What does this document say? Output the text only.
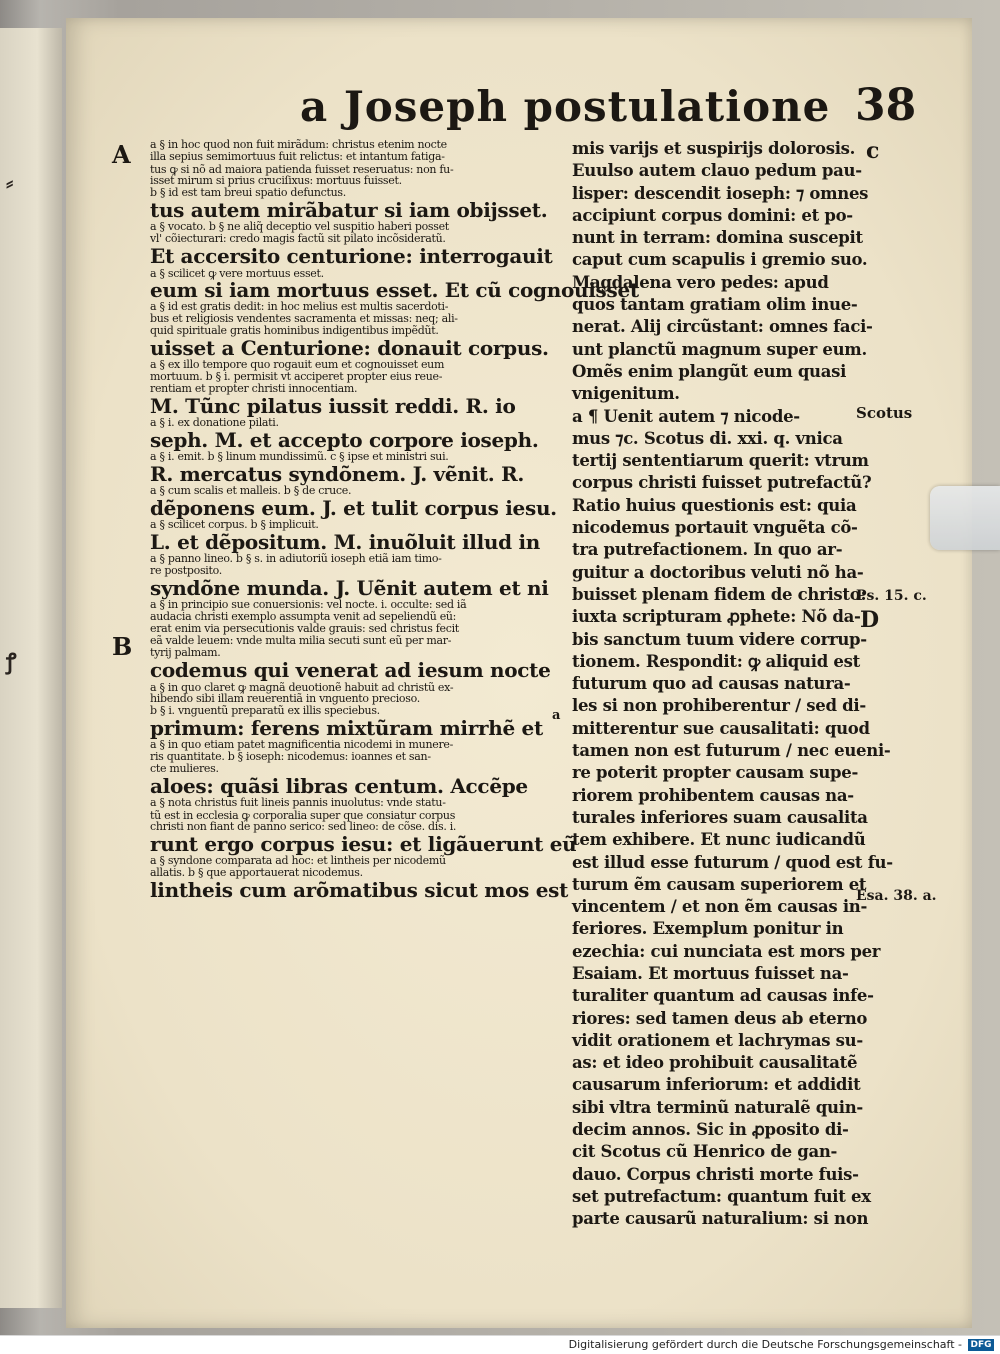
⸗
ꝭ
a Joseph postulatione 38
A
B

a § in hoc quod non fuit mirãdum: christus etenim nocte

illa sepius semimortuus fuit relictus: et intantum fatiga-

tus ꝙ si nõ ad maiora patienda fuisset reseruatus: non fu-

isset mirum si prius cruciſixus: mortuus fuisset.

b § id est tam breui spatio defunctus.

tus autem mirãbatur si iam obijsset.

a § vocato. b § ne aliq̃ deceptio vel suspitio haberi posset

vl' cõiecturari: credo magis factũ sit pilato incõsideratũ.

Et accersito centurione: interrogauit

a § scilicet ꝙ vere mortuus esset.

eum si iam mortuus esset. Et cũ cognouisset

a § id est gratis dedit: in hoc melius est multis sacerdoti-

bus et religiosis vendentes sacramenta et missas: neq; ali-

quid spirituale gratis hominibus indigentibus impẽdũt.

uisset a Centurione: donauit corpus.

a § ex illo tempore quo rogauit eum et cognouisset eum

mortuum. b § i. permisit vt acciperet propter eius reue-

rentiam et propter christi innocentiam.

M. Tũnc pilatus iussit reddi. R. io

a § i. ex donatione pilati.

seph. M. et accepto corpore ioseph.

a § i. emit. b § linum mundissimũ. c § ipse et ministri sui.

R. mercatus syndõnem. J. vẽnit. R.

a § cum scalis et malleis. b § de cruce.

dẽponens eum. J. et tulit corpus iesu.

a § scilicet corpus. b § implicuit.

L. et dẽpositum. M. inuõluit illud in

a § panno lineo. b § s. in adiutoriũ ioseph etiã iam timo-

re postposito.

syndõne munda. J. Uẽnit autem et ni

a § in principio sue conuersionis: vel nocte. i. occulte: sed iã

audacia christi exemplo assumpta venit ad sepeliendũ eũ:

erat enim via persecutionis valde grauis: sed christus fecit

eã valde leuem: vnde multa milia secuti sunt eũ per mar-

tyrij palmam.

codemus qui venerat ad iesum nocte

a § in quo claret ꝙ magnã deuotionẽ habuit ad christũ ex-

hibendo sibi illam reuerentiã in vnguento precioso.

b § i. vnguentũ preparatũ ex illis speciebus.

primum: ferens mixtũram mirrhẽ et

a § in quo etiam patet magnificentia nicodemi in munere-

ris quantitate. b § ioseph: nicodemus: ioannes et san-

cte mulieres.

aloes: quãsi libras centum. Accẽpe

a § nota christus fuit lineis pannis inuolutus: vnde statu-

tũ est in ecclesia ꝙ corporalia super que consiatur corpus

christi non fiant de panno serico: sed lineo: de cõse. dis. i.

runt ergo corpus iesu: et ligãuerunt eũ

a § syndone comparata ad hoc: et lintheis per nicodemũ

allatis. b § que apportauerat nicodemus.

lintheis cum arõmatibus sicut mos est

mis varijs et suspirijs dolorosis.

Euulso autem clauo pedum pau-

lisper: descendit ioseph: ⁊ omnes

accipiunt corpus domini: et po-

nunt in terram: domina suscepit

caput cum scapulis i gremio suo.

Magdalena vero pedes: apud

quos tantam gratiam olim inue-

nerat. Alij circũstant: omnes faci-

unt planctũ magnum super eum.

Omẽs enim plangũt eum quasi

vnigenitum.

a ¶ Uenit autem ⁊ nicode-

mus ⁊c. Scotus di. xxi. q. vnica

tertij sententiarum querit: vtrum

corpus christi fuisset putrefactũ?

Ratio huius questionis est: quia

nicodemus portauit vnguẽta cõ-

tra putrefactionem. In quo ar-

guitur a doctoribus veluti nõ ha-

buisset plenam fidem de christo:

iuxta scripturam ꝓphete: Nõ da-

bis sanctum tuum videre corrup-

tionem. Respondit: ꝙ aliquid est

futurum quo ad causas natura-

les si non prohiberentur / sed di-

mitterentur sue causalitati: quod

tamen non est futurum / nec eueni-

re poterit propter causam supe-

riorem prohibentem causas na-

turales inferiores suam causalita

tem exhibere. Et nunc iudicandũ

est illud esse futurum / quod est fu-

turum ẽm causam superiorem et

vincentem / et non ẽm causas in-

feriores. Exemplum ponitur in

ezechia: cui nunciata est mors per

Esaiam. Et mortuus fuisset na-

turaliter quantum ad causas infe-

riores: sed tamen deus ab eterno

vidit orationem et lachrymas su-

as: et ideo prohibuit causalitatẽ

causarum inferiorum: et addidit

sibi vltra terminũ naturalẽ quin-

decim annos. Sic in ꝓposito di-

cit Scotus cũ Henrico de gan-

dauo. Corpus christi morte fuis-

set putrefactum: quantum fuit ex

parte causarũ naturalium: si non

a
c
Scotus
Ps. 15. c.
D
Esa. 38. a.
Digitalisierung gefördert durch die Deutsche Forschungsgemeinschaft - DFG
